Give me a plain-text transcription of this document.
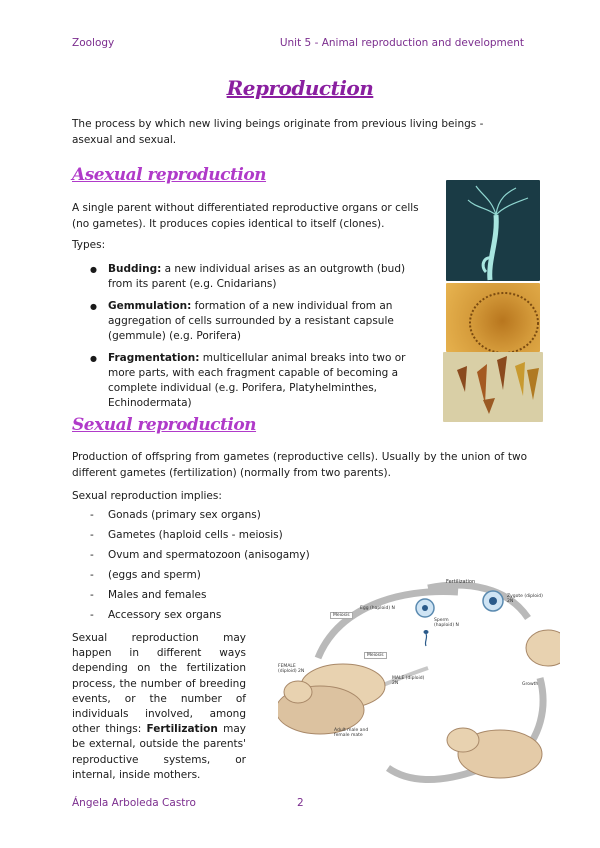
Zoology	Unit 5 - Animal reproduction and development
Reproduction
The process by which new living beings originate from previous living beings - asexual and sexual.
Asexual reproduction
A single parent without differentiated reproductive organs or cells (no gametes). It produces copies identical to itself (clones).
Types:
● Budding: a new individual arises as an outgrowth (bud) from its parent (e.g. Cnidarians)
● Gemmulation: formation of a new individual from an aggregation of cells surrounded by a resistant capsule (gemmule) (e.g. Porifera)
● Fragmentation: multicellular animal breaks into two or more parts, with each fragment capable of becoming a complete individual (e.g. Porifera, Platyhelminthes, Echinodermata)
Sexual reproduction
Production of offspring from gametes (reproductive cells). Usually by the union of two different gametes (fertilization) (normally from two parents).
Sexual reproduction implies:
- Gonads (primary sex organs)
- Gametes (haploid cells - meiosis)
- Ovum and spermatozoon (anisogamy)
- (eggs and sperm)
- Males and females
- Accessory sex organs
Sexual reproduction may happen in different ways depending on the fertilization process, the number of breeding events, or the number of individuals involved, among other things: Fertilization may be external, outside the parents' reproductive systems, or internal, inside mothers.
Fertilization
Zygote (diploid) 2N
Egg (haploid) N
Meiosis
Sperm (haploid) N
Meiosis
FEMALE (diploid) 2N
MALE (diploid) 2N	Growth
Adult male and female mate
Ángela Arboleda Castro	2
